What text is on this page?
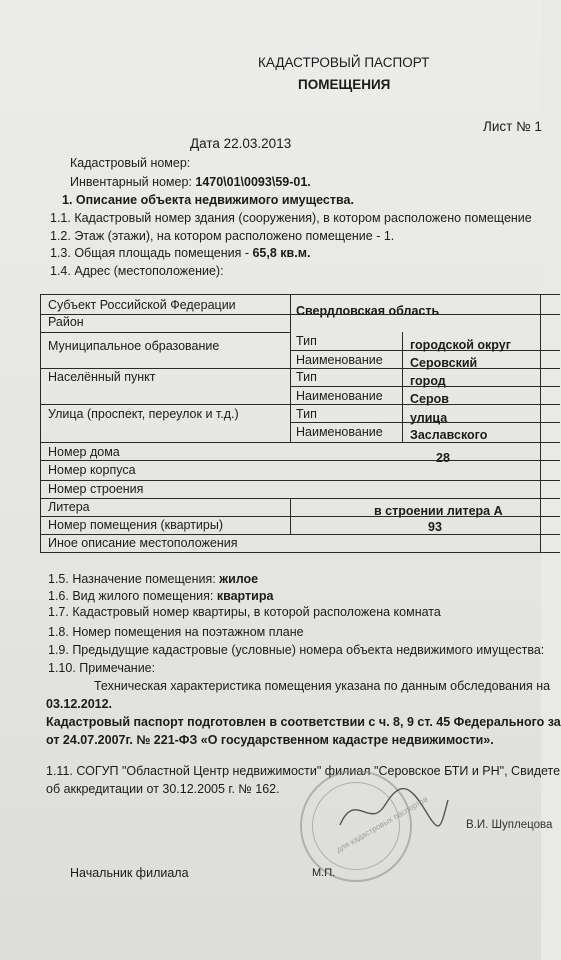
КАДАСТРОВЫЙ ПАСПОРТ
ПОМЕЩЕНИЯ
Лист № 1
Дата 22.03.2013
Кадастровый номер:
Инвентарный номер: 1470\01\0093\59-01.
1. Описание объекта недвижимого имущества.
1.1. Кадастровый номер здания (сооружения), в котором расположено помещение
1.2. Этаж (этажи), на котором расположено помещение - 1.
1.3. Общая площадь помещения - 65,8 кв.м.
1.4. Адрес (местоположение):
Субъект Российской Федерации	Свердловская область
Район
Муниципальное образование	Тип	городской округ
Наименование Серовский
Населённый пункт	Тип	город
Наименование Серов
Улица (проспект, переулок и т.д.)	Тип	улица
Наименование Заславского
Номер дома	28
Номер корпуса
Номер строения
Литера	в строении литера А
Номер помещения (квартиры)	93
Иное описание местоположения
1.5. Назначение помещения: жилое
1.6. Вид жилого помещения: квартира
1.7. Кадастровый номер квартиры, в которой расположена комната
1.8. Номер помещения на поэтажном плане
1.9. Предыдущие кадастровые (условные) номера объекта недвижимого имущества:
1.10. Примечание:
Техническая характеристика помещения указана по данным обследования на
03.12.2012.
Кадастровый паспорт подготовлен в соответствии с ч. 8, 9 ст. 45 Федерального за
от 24.07.2007г. № 221-ФЗ «О государственном кадастре недвижимости».
1.11. СОГУП "Областной Центр недвижимости" филиал "Серовское БТИ и РН", Свидете
об аккредитации от 30.12.2005 г. № 162.
для кадастровых паспортов	В.И. Шуплецова
Начальник филиала	М.П.
